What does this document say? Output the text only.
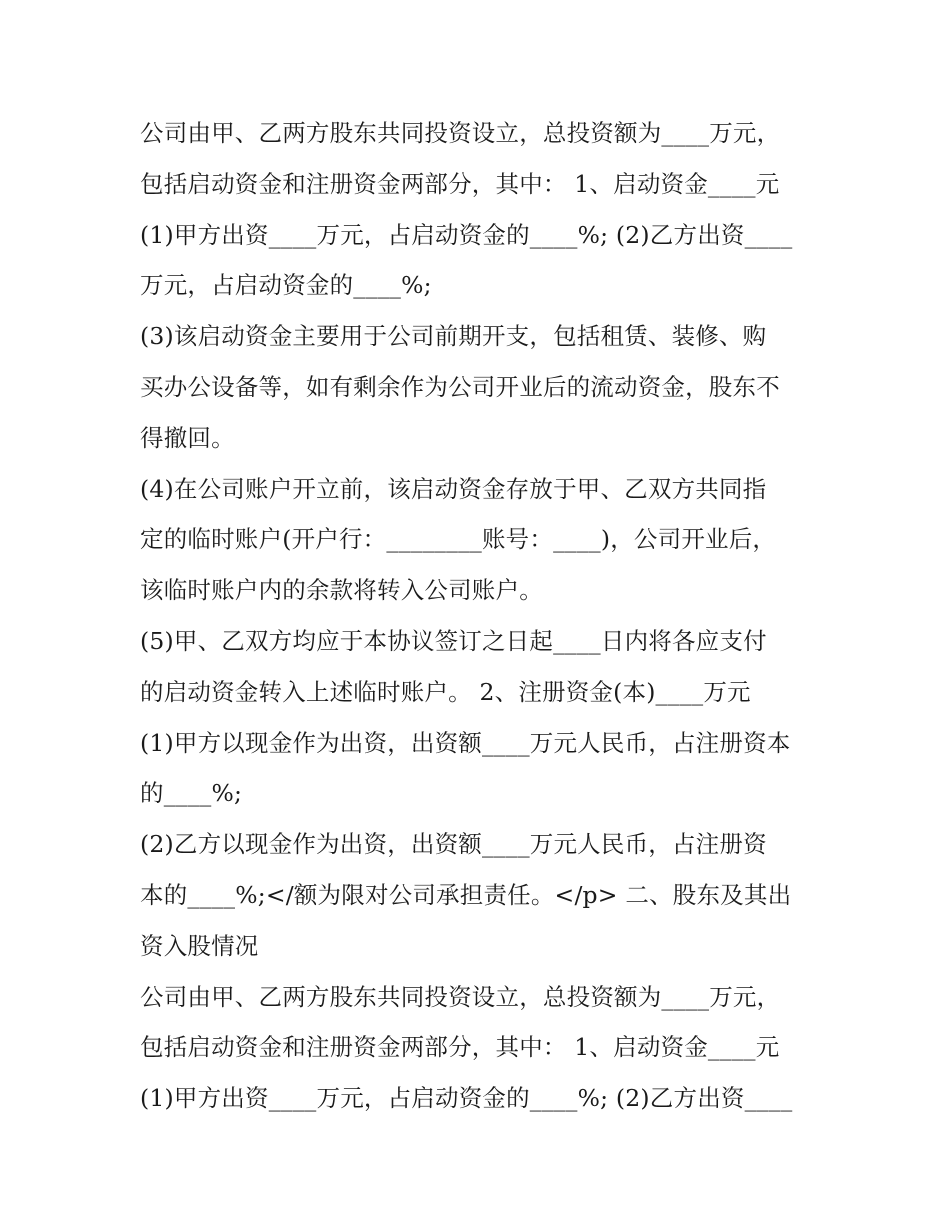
公司由甲、乙两方股东共同投资设立，总投资额为____万元，
包括启动资金和注册资金两部分，其中： 1、启动资金____元
(1)甲方出资____万元，占启动资金的____%; (2)乙方出资____
万元，占启动资金的____%;
(3)该启动资金主要用于公司前期开支，包括租赁、装修、购
买办公设备等，如有剩余作为公司开业后的流动资金，股东不
得撤回。
(4)在公司账户开立前，该启动资金存放于甲、乙双方共同指
定的临时账户(开户行：________账号：____)，公司开业后，
该临时账户内的余款将转入公司账户。
(5)甲、乙双方均应于本协议签订之日起____日内将各应支付
的启动资金转入上述临时账户。 2、注册资金(本)____万元
(1)甲方以现金作为出资，出资额____万元人民币，占注册资本
的____%;
(2)乙方以现金作为出资，出资额____万元人民币，占注册资
本的____%;</额为限对公司承担责任。</p> 二、股东及其出
资入股情况
公司由甲、乙两方股东共同投资设立，总投资额为____万元，
包括启动资金和注册资金两部分，其中： 1、启动资金____元
(1)甲方出资____万元，占启动资金的____%; (2)乙方出资____
